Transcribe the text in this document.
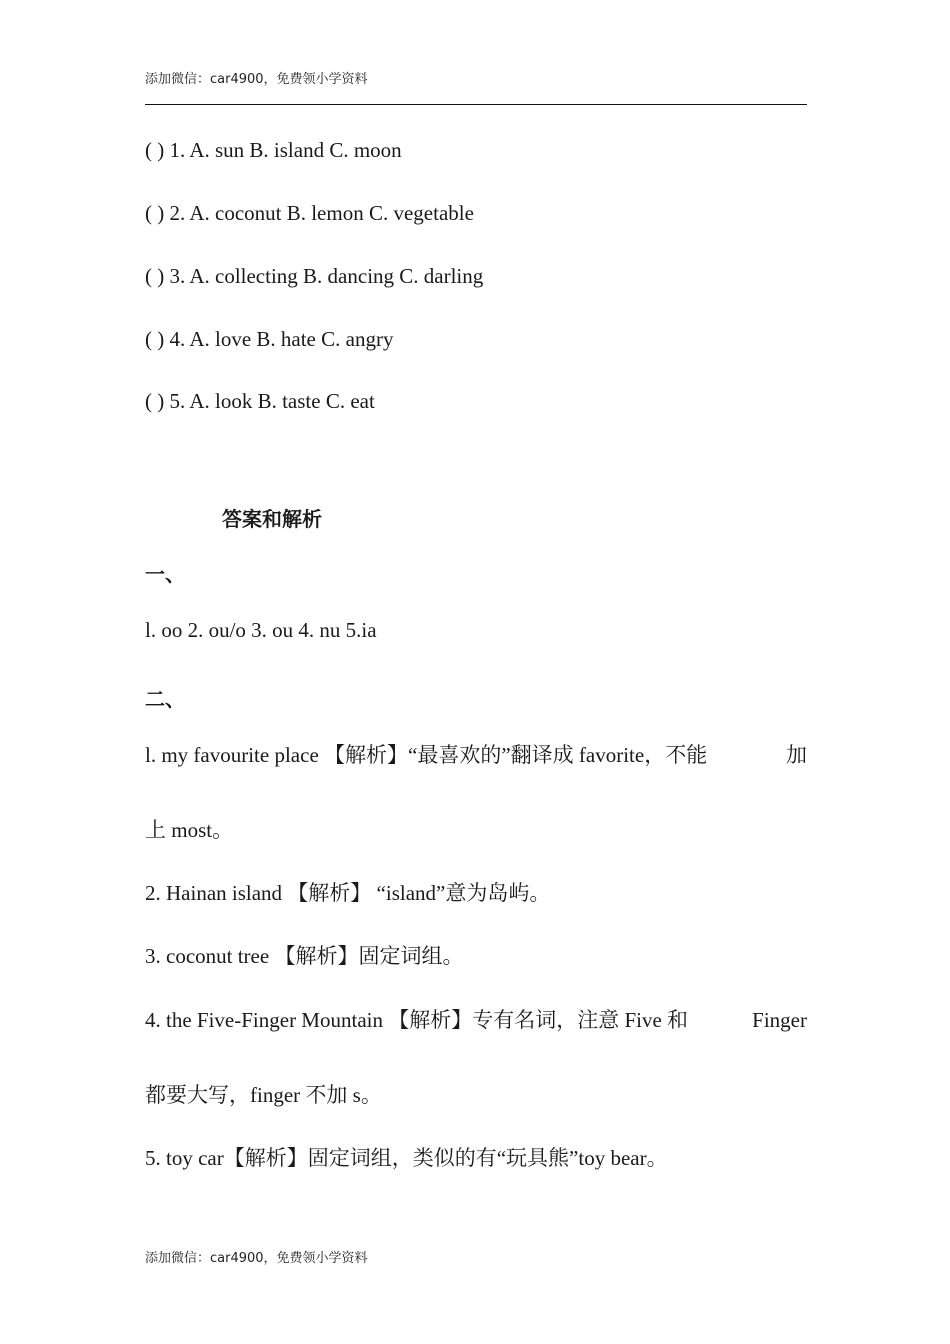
添加微信：car4900，免费领小学资料
( ) 1. A. sun B. island C. moon
( ) 2. A. coconut B. lemon C. vegetable
( ) 3. A. collecting B. dancing C. darling
( ) 4. A. love B. hate C. angry
( ) 5. A. look B. taste C. eat
答案和解析
一、
l. oo 2. ou/o 3. ou 4. nu 5.ia
二、
l. my favourite place 【解析】“最喜欢的”翻译成 favorite，不能	加
上 most。
2. Hainan island 【解析】 “island”意为岛屿。
3. coconut tree 【解析】固定词组。
4. the Five-Finger Mountain 【解析】专有名词，注意 Five 和	Finger
都要大写，finger 不加 s。
5. toy car【解析】固定词组，类似的有“玩具熊”toy bear。
添加微信：car4900，免费领小学资料
